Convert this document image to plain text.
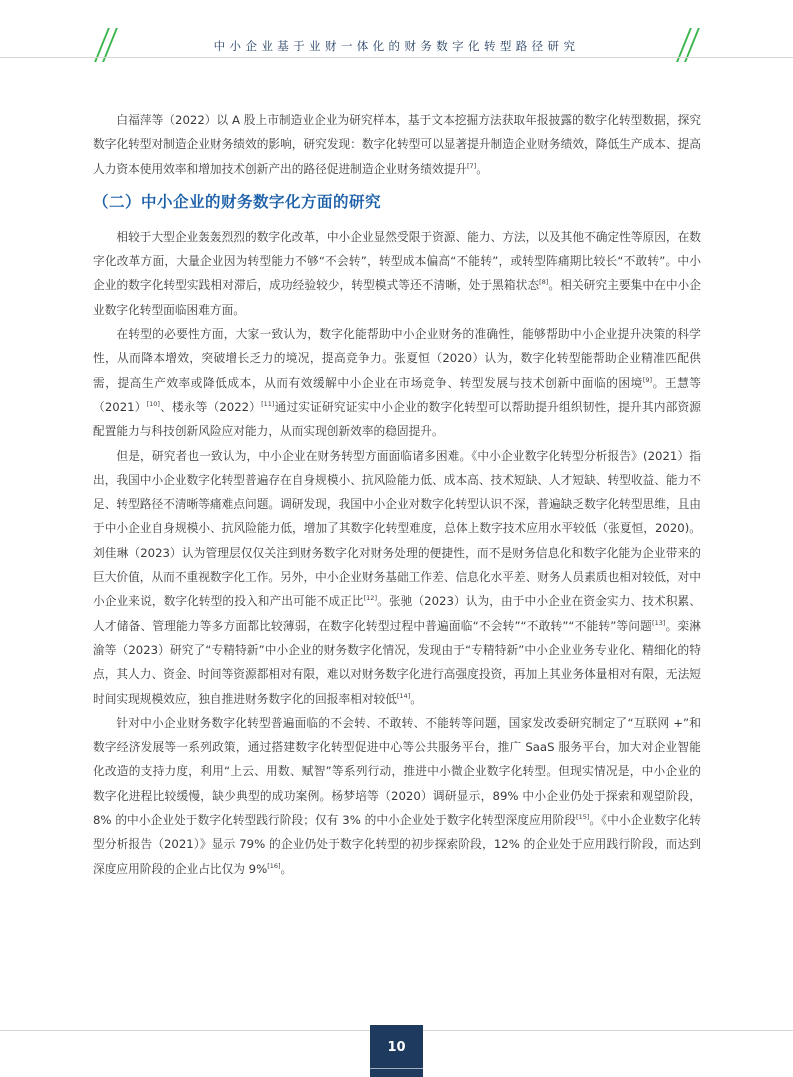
中小企业基于业财一体化的财务数字化转型路径研究

白福萍等（2022）以 A 股上市制造业企业为研究样本，基于文本挖掘方法获取年报披露的数字化转型数据，探究数字化转型对制造企业财务绩效的影响，研究发现：数字化转型可以显著提升制造企业财务绩效，降低生产成本、提高人力资本使用效率和增加技术创新产出的路径促进制造企业财务绩效提升[7]。

（二）中小企业的财务数字化方面的研究

相较于大型企业轰轰烈烈的数字化改革，中小企业显然受限于资源、能力、方法，以及其他不确定性等原因，在数字化改革方面，大量企业因为转型能力不够“不会转”，转型成本偏高“不能转”，或转型阵痛期比较长“不敢转”。中小企业的数字化转型实践相对滞后，成功经验较少，转型模式等还不清晰，处于黑箱状态[8]。相关研究主要集中在中小企业数字化转型面临困难方面。

在转型的必要性方面，大家一致认为，数字化能帮助中小企业财务的准确性，能够帮助中小企业提升决策的科学性，从而降本增效，突破增长乏力的境况，提高竞争力。张夏恒（2020）认为，数字化转型能帮助企业精准匹配供需，提高生产效率或降低成本，从而有效缓解中小企业在市场竞争、转型发展与技术创新中面临的困境[9]。王慧等（2021）[10]、楼永等（2022）[11]通过实证研究证实中小企业的数字化转型可以帮助提升组织韧性，提升其内部资源配置能力与科技创新风险应对能力，从而实现创新效率的稳固提升。

但是，研究者也一致认为，中小企业在财务转型方面面临诸多困难。《中小企业数字化转型分析报告》(2021）指出，我国中小企业数字化转型普遍存在自身规模小、抗风险能力低、成本高、技术短缺、人才短缺、转型收益、能力不足、转型路径不清晰等痛难点问题。调研发现，我国中小企业对数字化转型认识不深，普遍缺乏数字化转型思维，且由于中小企业自身规模小、抗风险能力低，增加了其数字化转型难度，总体上数字技术应用水平较低（张夏恒，2020)。刘佳琳（2023）认为管理层仅仅关注到财务数字化对财务处理的便捷性，而不是财务信息化和数字化能为企业带来的巨大价值，从而不重视数字化工作。另外，中小企业财务基础工作差、信息化水平差、财务人员素质也相对较低，对中小企业来说，数字化转型的投入和产出可能不成正比[12]。张驰（2023）认为，由于中小企业在资金实力、技术积累、人才储备、管理能力等多方面都比较薄弱，在数字化转型过程中普遍面临“不会转”“不敢转”“不能转”等问题[13]。栾淋渝等（2023）研究了“专精特新”中小企业的财务数字化情况，发现由于“专精特新”中小企业业务专业化、精细化的特点，其人力、资金、时间等资源都相对有限，难以对财务数字化进行高强度投资，再加上其业务体量相对有限，无法短时间实现规模效应，独自推进财务数字化的回报率相对较低[14]。

针对中小企业财务数字化转型普遍面临的不会转、不敢转、不能转等问题，国家发改委研究制定了“互联网 +”和数字经济发展等一系列政策，通过搭建数字化转型促进中心等公共服务平台，推广 SaaS 服务平台，加大对企业智能化改造的支持力度，利用“上云、用数、赋智”等系列行动，推进中小微企业数字化转型。但现实情况是，中小企业的数字化进程比较缓慢，缺少典型的成功案例。杨梦培等（2020）调研显示，89% 中小企业仍处于探索和观望阶段，8% 的中小企业处于数字化转型践行阶段；仅有 3% 的中小企业处于数字化转型深度应用阶段[15]。《中小企业数字化转型分析报告（2021）》显示 79% 的企业仍处于数字化转型的初步探索阶段，12% 的企业处于应用践行阶段，而达到深度应用阶段的企业占比仅为 9%[16]。

10
